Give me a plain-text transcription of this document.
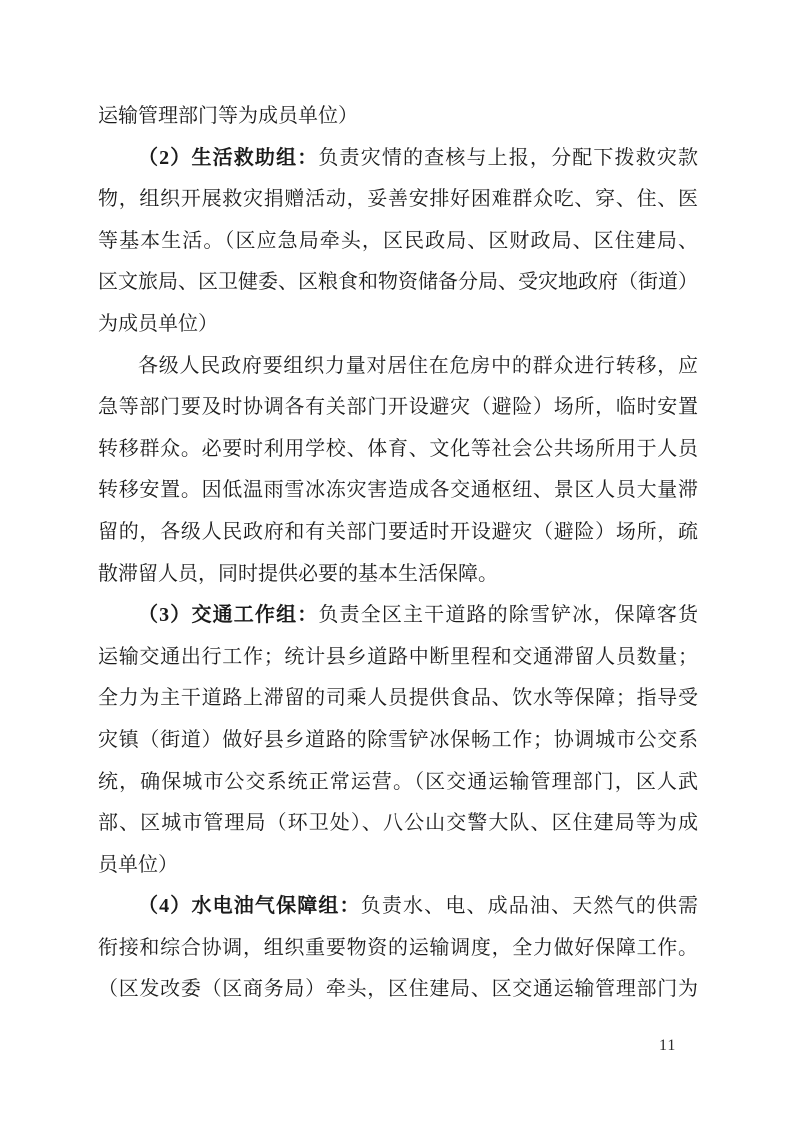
运输管理部门等为成员单位）
（2）生活救助组：负责灾情的查核与上报，分配下拨救灾款
物，组织开展救灾捐赠活动，妥善安排好困难群众吃、穿、住、医
等基本生活。（区应急局牵头，区民政局、区财政局、区住建局、
区文旅局、区卫健委、区粮食和物资储备分局、受灾地政府（街道）
为成员单位）
各级人民政府要组织力量对居住在危房中的群众进行转移，应
急等部门要及时协调各有关部门开设避灾（避险）场所，临时安置
转移群众。必要时利用学校、体育、文化等社会公共场所用于人员
转移安置。因低温雨雪冰冻灾害造成各交通枢纽、景区人员大量滞
留的，各级人民政府和有关部门要适时开设避灾（避险）场所，疏
散滞留人员，同时提供必要的基本生活保障。
（3）交通工作组：负责全区主干道路的除雪铲冰，保障客货
运输交通出行工作；统计县乡道路中断里程和交通滞留人员数量；
全力为主干道路上滞留的司乘人员提供食品、饮水等保障；指导受
灾镇（街道）做好县乡道路的除雪铲冰保畅工作；协调城市公交系
统，确保城市公交系统正常运营。（区交通运输管理部门，区人武
部、区城市管理局（环卫处）、八公山交警大队、区住建局等为成
员单位）
（4）水电油气保障组：负责水、电、成品油、天然气的供需
衔接和综合协调，组织重要物资的运输调度，全力做好保障工作。
（区发改委（区商务局）牵头，区住建局、区交通运输管理部门为
11
